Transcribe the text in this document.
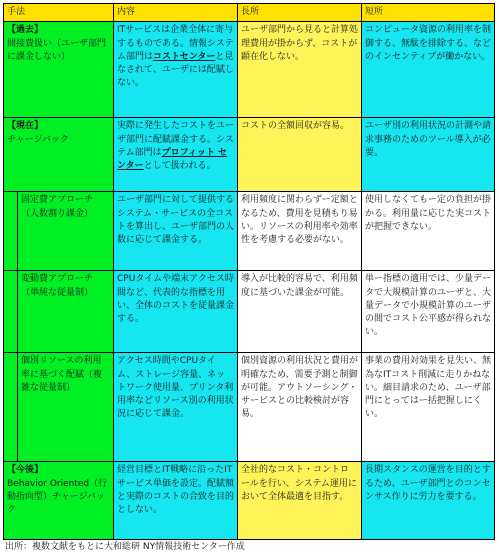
手法		内容	長所	短所

【過去】
間接費扱い（ユーザ部門に課金しない）		ITサービスは企業全体に寄与するものである。情報システム部門はコストセンターと見なされて、ユーザには配賦しない。	ユーザ部門から見ると計算処理費用が掛からず、コストが顕在化しない。	コンピュータ資源の利用率を制御する、無駄を排除する、などのインセンティブが働かない。

【現在】
チャージバック		実際に発生したコストをユーザ部門に配賦課金する。システム部門はプロフィット センターとして扱われる。	コストの全額回収が容易。	ユーザ別の利用状況の計測や請求事務のためのツール導入が必要。
	固定費アプローチ（人数割り課金）	ユーザ部門に対して提供するシステム・サービスの全コストを算出し、ユーザ部門の人数に応じて課金する。	利用頻度に関わらずー定額となるため、費用を見積もり易い。リソースの利用率や効率性を考慮する必要がない。	使用しなくてもー定の負担が掛かる。利用量に応じた実コストが把握できない。
	変動費アプローチ（単純な従量制）	CPUタイムや端末アクセス時間など、代表的な指標を用い、全体のコストを従量課金する。	導入が比較的容易で、利用頻度に基づいた課金が可能。	単ー指標の適用では、少量データで大規模計算のユーザと、大量データで小規模計算のユーザの間でコスト公平感が得られない。
	個別リソースの利用率に基づく配賦（複雑な従量制）	アクセス時間やCPUタイム、ストレージ容量、ネットワーク使用量、プリンタ利用率などリソース別の利用状況に応じて課金。	個別資源の利用状況と費用が明確なため、需要予測と制御が可能。アウトソーシング・サービスとの比較検討が容易。	事業の費用対効果を見失い、無為なITコスト削減に走りかねない。細目請求のため、ユーザ部門にとってはー括把握しにくい。

【今後】
Behavior Oriented（行動指向型）チャージバック		経営目標とIT戦略に沿ったITサービス単価を設定。配賦額と実際のコストの合致を目的としない。	全社的なコスト・コントロールを行い、システム運用において全体最適を目指す。	長期スタンスの運営を目的とするため、ユーザ部門とのコンセンサス作りに労力を要する。
出所：複数文献をもとに大和総研 NY情報技術センター作成
